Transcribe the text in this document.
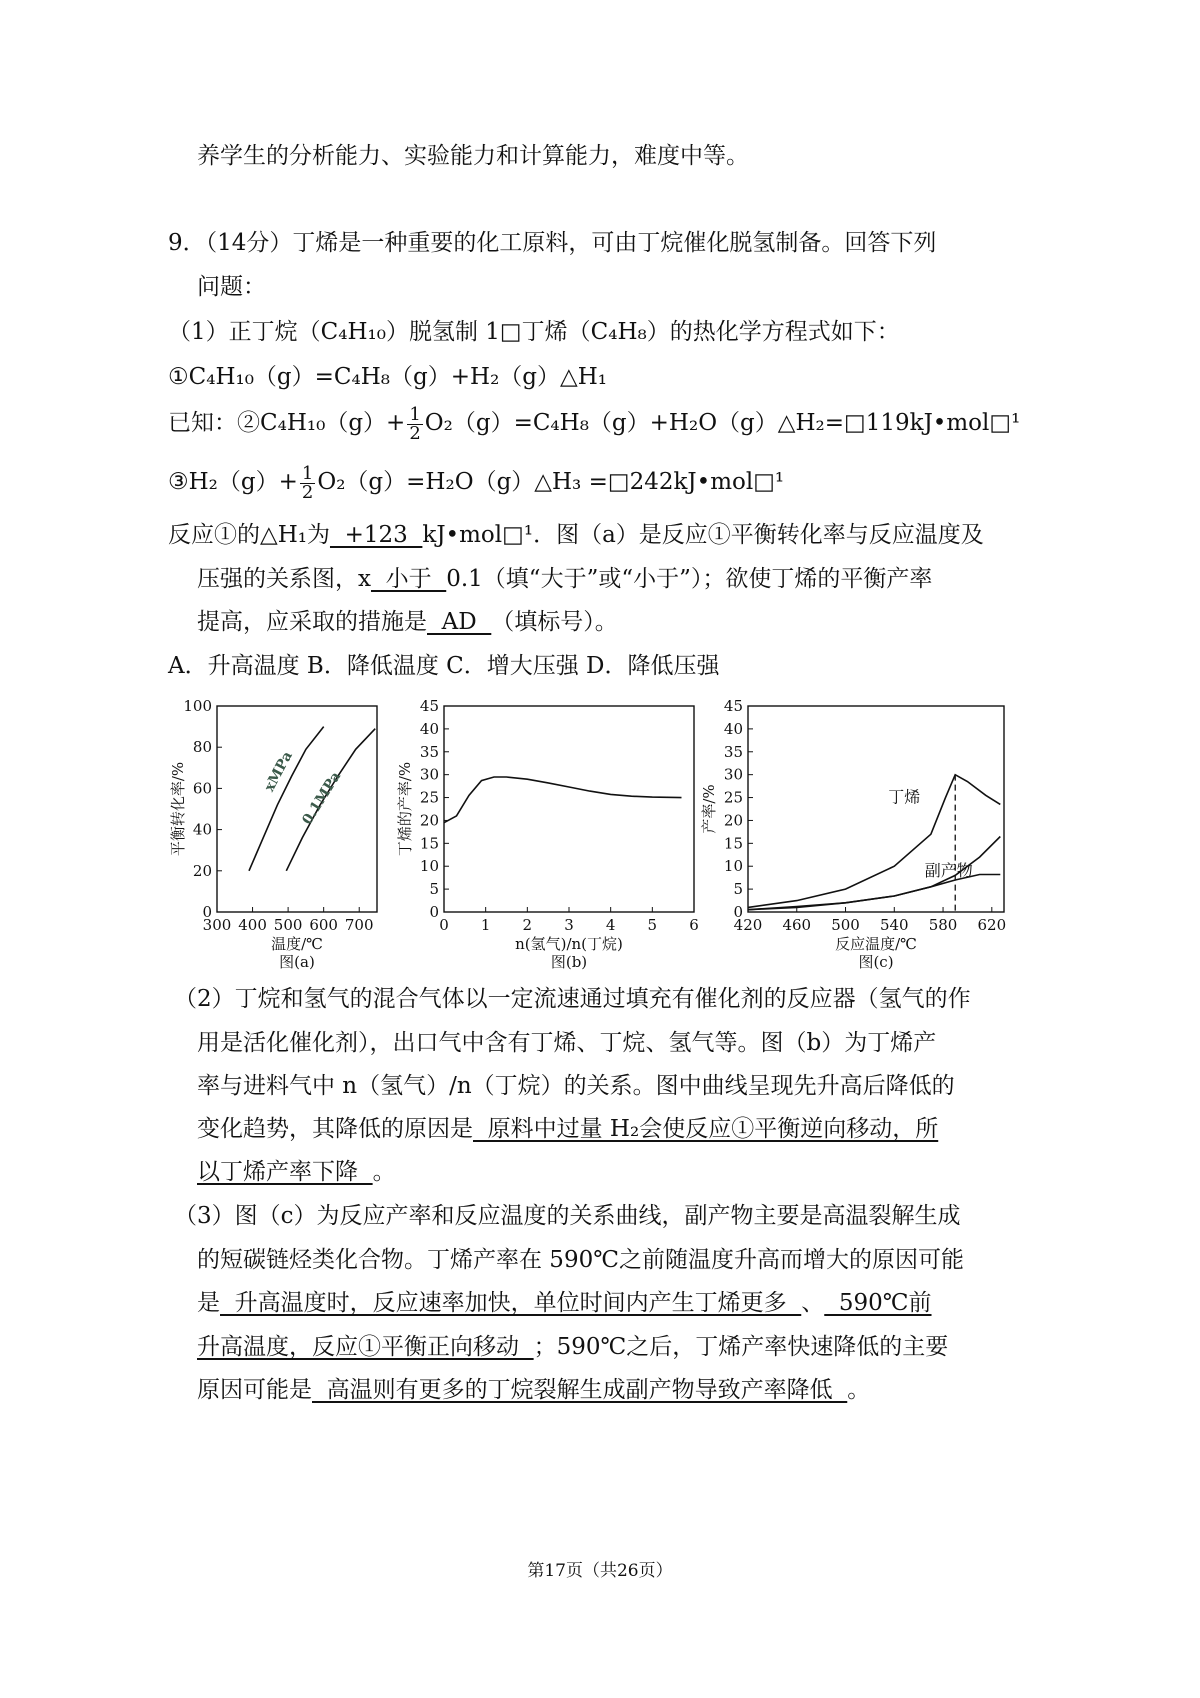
养学生的分析能力、实验能力和计算能力，难度中等。
9．（14分）丁烯是一种重要的化工原料，可由丁烷催化脱氢制备。回答下列
问题：
（1）正丁烷（C₄H₁₀）脱氢制 1□丁烯（C₄H₈）的热化学方程式如下：
①C₄H₁₀（g）=C₄H₈（g）+H₂（g）△H₁
已知：②C₄H₁₀（g）+ $\frac{1}{2}$ O₂（g）=C₄H₈（g）+H₂O（g）△H₂=□119kJ•mol□¹
③H₂（g）+ $\frac{1}{2}$ O₂（g）=H₂O（g）△H₃ =□242kJ•mol□¹
反应①的△H₁为  +123  kJ•mol□¹．图（a）是反应①平衡转化率与反应温度及
压强的关系图，x  小于  0.1（填“大于”或“小于”）；欲使丁烯的平衡产率
提高，应采取的措施是  AD  （填标号）。
A．升高温度 B．降低温度 C．增大压强 D．降低压强
300 400 500 600 700
0
20
40
60
80
100
温度/℃
图(a)
平衡转化率/%	xMPa 0.1MPa
0 1 2 3 4 5 6
0
5
10
15
20
25
30
35
40
45
n(氢气)/n(丁烷)
图(b)
丁烯的产率/%
420 460 500 540 580 620
0
5
10
15
20
25
30
35
40
45
反应温度/℃
图(c)
产率/%	丁烯
副产物
（2）丁烷和氢气的混合气体以一定流速通过填充有催化剂的反应器（氢气的作
用是活化催化剂），出口气中含有丁烯、丁烷、氢气等。图（b）为丁烯产
率与进料气中 n（氢气）/n（丁烷）的关系。图中曲线呈现先升高后降低的
变化趋势，其降低的原因是  原料中过量 H₂会使反应①平衡逆向移动，所
以丁烯产率下降  。
（3）图（c）为反应产率和反应温度的关系曲线，副产物主要是高温裂解生成
的短碳链烃类化合物。丁烯产率在 590℃之前随温度升高而增大的原因可能
是  升高温度时，反应速率加快，单位时间内产生丁烯更多  、  590℃前
升高温度，反应①平衡正向移动  ；590℃之后，丁烯产率快速降低的主要
原因可能是  高温则有更多的丁烷裂解生成副产物导致产率降低  。
第17页（共26页）
